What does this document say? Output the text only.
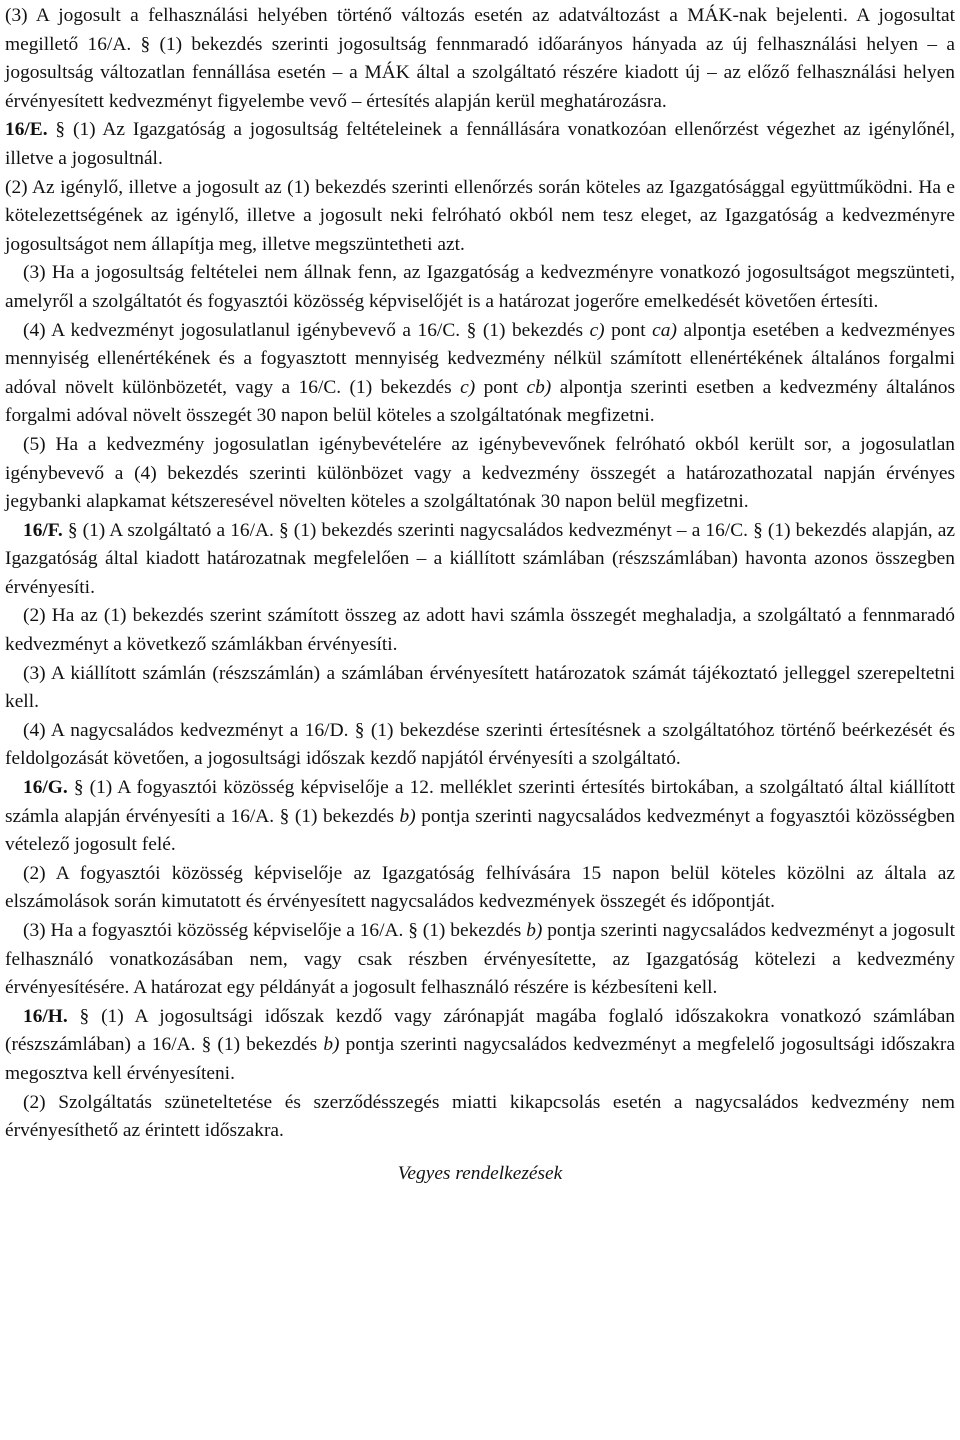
(3) A jogosult a felhasználási helyében történő változás esetén az adatváltozást a MÁK-nak bejelenti. A jogosultat megillető 16/A. § (1) bekezdés szerinti jogosultság fennmaradó időarányos hányada az új felhasználási helyen – a jogosultság változatlan fennállása esetén – a MÁK által a szolgáltató részére kiadott új – az előző felhasználási helyen érvényesített kedvezményt figyelembe vevő – értesítés alapján kerül meghatározásra.

16/E. § (1) Az Igazgatóság a jogosultság feltételeinek a fennállására vonatkozóan ellenőrzést végezhet az igénylőnél, illetve a jogosultnál.

(2) Az igénylő, illetve a jogosult az (1) bekezdés szerinti ellenőrzés során köteles az Igazgatósággal együttműködni. Ha e kötelezettségének az igénylő, illetve a jogosult neki felróható okból nem tesz eleget, az Igazgatóság a kedvezményre jogosultságot nem állapítja meg, illetve megszüntetheti azt.

(3) Ha a jogosultság feltételei nem állnak fenn, az Igazgatóság a kedvezményre vonatkozó jogosultságot megszünteti, amelyről a szolgáltatót és fogyasztói közösség képviselőjét is a határozat jogerőre emelkedését követően értesíti.

(4) A kedvezményt jogosulatlanul igénybevevő a 16/C. § (1) bekezdés c) pont ca) alpontja esetében a kedvezményes mennyiség ellenértékének és a fogyasztott mennyiség kedvezmény nélkül számított ellenértékének általános forgalmi adóval növelt különbözetét, vagy a 16/C. (1) bekezdés c) pont cb) alpontja szerinti esetben a kedvezmény általános forgalmi adóval növelt összegét 30 napon belül köteles a szolgáltatónak megfizetni.

(5) Ha a kedvezmény jogosulatlan igénybevételére az igénybevevőnek felróható okból került sor, a jogosulatlan igénybevevő a (4) bekezdés szerinti különbözet vagy a kedvezmény összegét a határozathozatal napján érvényes jegybanki alapkamat kétszeresével növelten köteles a szolgáltatónak 30 napon belül megfizetni.

16/F. § (1) A szolgáltató a 16/A. § (1) bekezdés szerinti nagycsaládos kedvezményt – a 16/C. § (1) bekezdés alapján, az Igazgatóság által kiadott határozatnak megfelelően – a kiállított számlában (részszámlában) havonta azonos összegben érvényesíti.

(2) Ha az (1) bekezdés szerint számított összeg az adott havi számla összegét meghaladja, a szolgáltató a fennmaradó kedvezményt a következő számlákban érvényesíti.

(3) A kiállított számlán (részszámlán) a számlában érvényesített határozatok számát tájékoztató jelleggel szerepeltetni kell.

(4) A nagycsaládos kedvezményt a 16/D. § (1) bekezdése szerinti értesítésnek a szolgáltatóhoz történő beérkezését és feldolgozását követően, a jogosultsági időszak kezdő napjától érvényesíti a szolgáltató.

16/G. § (1) A fogyasztói közösség képviselője a 12. melléklet szerinti értesítés birtokában, a szolgáltató által kiállított számla alapján érvényesíti a 16/A. § (1) bekezdés b) pontja szerinti nagycsaládos kedvezményt a fogyasztói közösségben vételező jogosult felé.

(2) A fogyasztói közösség képviselője az Igazgatóság felhívására 15 napon belül köteles közölni az általa az elszámolások során kimutatott és érvényesített nagycsaládos kedvezmények összegét és időpontját.

(3) Ha a fogyasztói közösség képviselője a 16/A. § (1) bekezdés b) pontja szerinti nagycsaládos kedvezményt a jogosult felhasználó vonatkozásában nem, vagy csak részben érvényesítette, az Igazgatóság kötelezi a kedvezmény érvényesítésére. A határozat egy példányát a jogosult felhasználó részére is kézbesíteni kell.

16/H. § (1) A jogosultsági időszak kezdő vagy zárónapját magába foglaló időszakokra vonatkozó számlában (részszámlában) a 16/A. § (1) bekezdés b) pontja szerinti nagycsaládos kedvezményt a megfelelő jogosultsági időszakra megosztva kell érvényesíteni.

(2) Szolgáltatás szüneteltetése és szerződésszegés miatti kikapcsolás esetén a nagycsaládos kedvezmény nem érvényesíthető az érintett időszakra.

Vegyes rendelkezések
